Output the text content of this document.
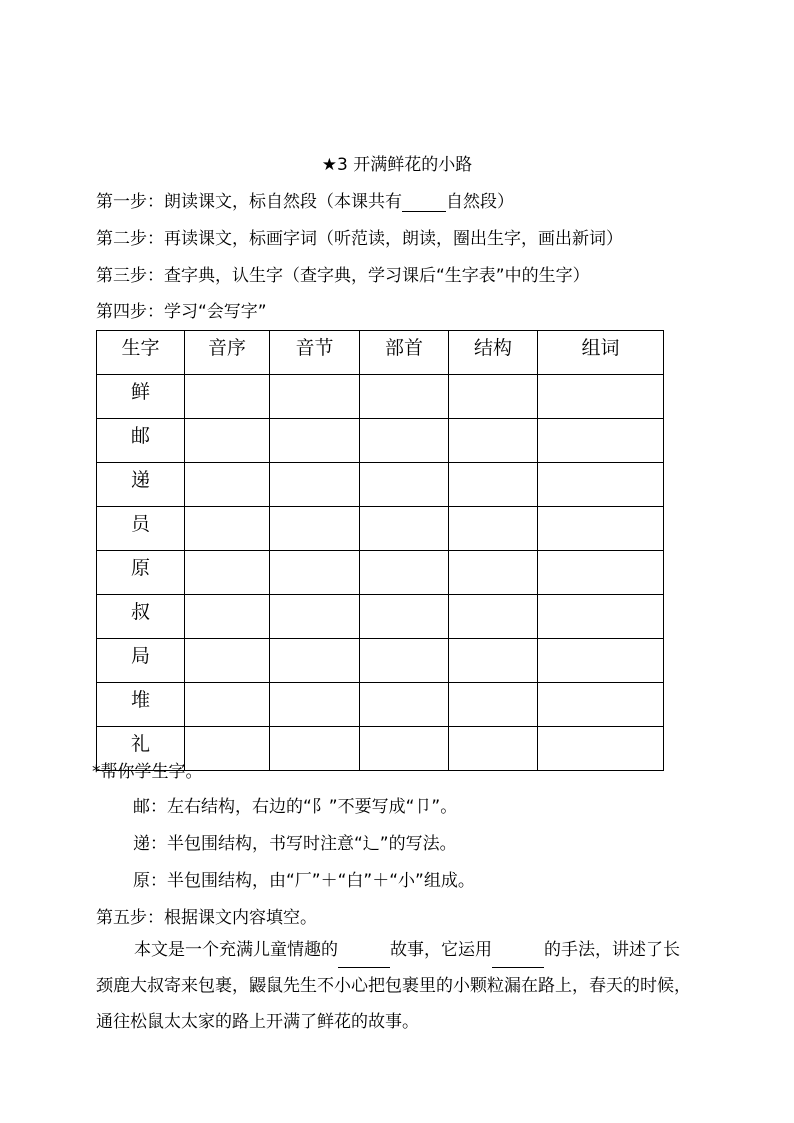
★3 开满鲜花的小路
第一步：朗读课文，标自然段（本课共有	自然段）
第二步：再读课文，标画字词（听范读，朗读，圈出生字，画出新词）
第三步：查字典，认生字（查字典，学习课后“生字表”中的生字）
第四步：学习“会写字”
生字	音序	音节	部首	结构	组词
鲜					
邮					
递					
员					
原					
叔					
局					
堆					
礼					
*帮你学生字。
邮：左右结构，右边的“阝”不要写成“卩”。
递：半包围结构，书写时注意“辶”的写法。
原：半包围结构，由“厂”＋“白”＋“小”组成。
第五步：根据课文内容填空。
本文是一个充满儿童情趣的	故事，它运用	的手法，讲述了长颈鹿大叔寄来包裹，鼹鼠先生不小心把包裹里的小颗粒漏在路上，春天的时候，通往松鼠太太家的路上开满了鲜花的故事。
